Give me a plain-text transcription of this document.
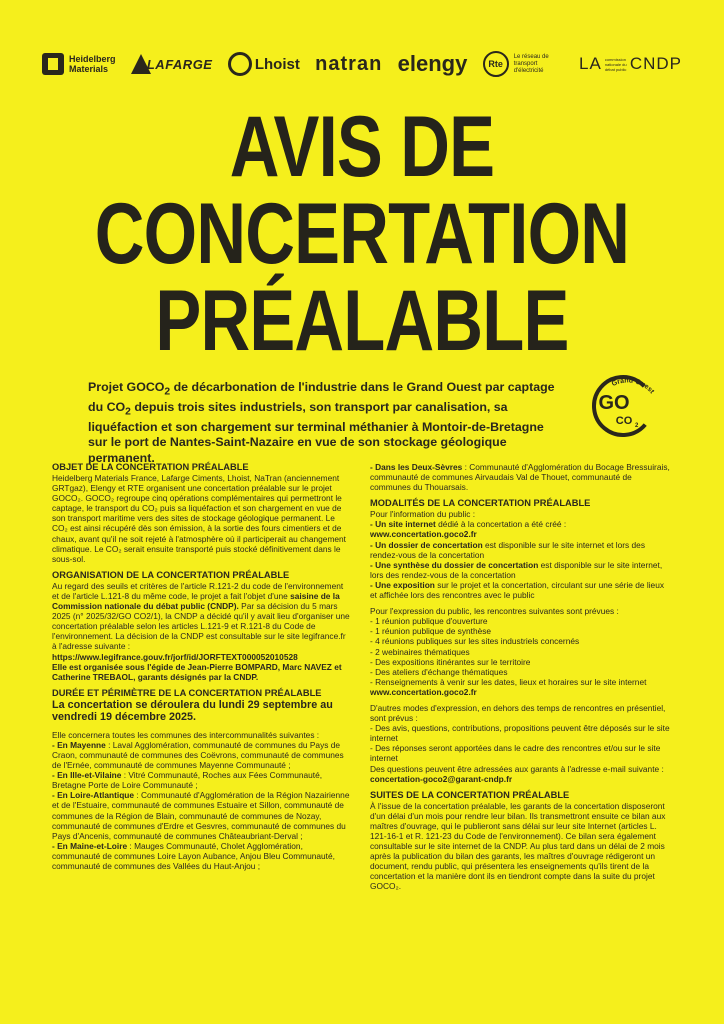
Heidelberg
Materials	LAFARGE	Lhoist natran elengy	Rte
Le réseau de transport d'électricité	LA commission nationale du débat public CNDP
AVIS DE
CONCERTATION
PRÉALABLE
Projet $GOCO_2$ de décarbonation de l'industrie dans le Grand Ouest par captage du $CO_2$ depuis trois sites industriels, son transport par canalisation, sa liquéfaction et son chargement sur terminal méthanier à Montoir-de-Bretagne sur le port de Nantes-Saint-Nazaire en vue de son stockage géologique permanent.
Grand Ouest
GO
CO 2
OBJET DE LA CONCERTATION PRÉALABLE

Heidelberg Materials France, Lafarge Ciments, Lhoist, NaTran (anciennement GRTgaz), Elengy et RTE organisent une concertation préalable sur le projet GOCO₂. GOCO₂ regroupe cinq opérations complémentaires qui permettront le captage, le transport du CO₂ puis sa liquéfaction et son chargement en vue de son transport maritime vers des sites de stockage géologique permanent. Le CO₂ est ainsi récupéré dès son émission, à la sortie des fours cimentiers et de chaux, avant qu'il ne soit rejeté à l'atmosphère où il participerait au changement climatique. Le CO₂ serait ensuite transporté puis stocké définitivement dans le sous-sol.

ORGANISATION DE LA CONCERTATION PRÉALABLE

Au regard des seuils et critères de l'article R.121-2 du code de l'environnement et de l'article L.121-8 du même code, le projet a fait l'objet d'une saisine de la Commission nationale du débat public (CNDP). Par sa décision du 5 mars 2025 (n° 2025/32/GO CO2/1), la CNDP a décidé qu'il y avait lieu d'organiser une concertation préalable selon les articles L.121-9 et R.121-8 du Code de l'environnement. La décision de la CNDP est consultable sur le site legifrance.fr à l'adresse suivante : https://www.legifrance.gouv.fr/jorf/id/JORFTEXT000052010528

Elle est organisée sous l'égide de Jean-Pierre BOMPARD, Marc NAVEZ et Catherine TREBAOL, garants désignés par la CNDP.

DURÉE ET PÉRIMÈTRE DE LA CONCERTATION PRÉALABLE

La concertation se déroulera du lundi 29 septembre au vendredi 19 décembre 2025.

Elle concernera toutes les communes des intercommunalités suivantes :

- En Mayenne : Laval Agglomération, communauté de communes du Pays de Craon, communauté de communes des Coëvrons, communauté de communes de l'Ernée, communauté de communes Mayenne Communauté ;

- En Ille-et-Vilaine : Vitré Communauté, Roches aux Fées Communauté, Bretagne Porte de Loire Communauté ;

- En Loire-Atlantique : Communauté d'Agglomération de la Région Nazairienne et de l'Estuaire, communauté de communes Estuaire et Sillon, communauté de communes de la Région de Blain, communauté de communes de Nozay, communauté de communes d'Erdre et Gesvres, communauté de communes du Pays d'Ancenis, communauté de communes Châteaubriant-Derval ;

- En Maine-et-Loire : Mauges Communauté, Cholet Agglomération, communauté de communes Loire Layon Aubance, Anjou Bleu Communauté, communauté de communes des Vallées du Haut-Anjou ;

- Dans les Deux-Sèvres : Communauté d'Agglomération du Bocage Bressuirais, communauté de communes Airvaudais Val de Thouet, communauté de communes du Thouarsais.

MODALITÉS DE LA CONCERTATION PRÉALABLE

Pour l'information du public :

- Un site internet dédié à la concertation a été créé :

www.concertation.goco2.fr

- Un dossier de concertation est disponible sur le site internet et lors des rendez-vous de la concertation

- Une synthèse du dossier de concertation est disponible sur le site internet, lors des rendez-vous de la concertation

- Une exposition sur le projet et la concertation, circulant sur une série de lieux et affichée lors des rencontres avec le public

Pour l'expression du public, les rencontres suivantes sont prévues :

- 1 réunion publique d'ouverture

- 1 réunion publique de synthèse

- 4 réunions publiques sur les sites industriels concernés

- 2 webinaires thématiques

- Des expositions itinérantes sur le territoire

- Des ateliers d'échange thématiques

- Renseignements à venir sur les dates, lieux et horaires sur le site internet

www.concertation.goco2.fr

D'autres modes d'expression, en dehors des temps de rencontres en présentiel, sont prévus :

- Des avis, questions, contributions, propositions peuvent être déposés sur le site internet

- Des réponses seront apportées dans le cadre des rencontres et/ou sur le site internet

Des questions peuvent être adressées aux garants à l'adresse e-mail suivante : concertation-goco2@garant-cndp.fr

SUITES DE LA CONCERTATION PRÉALABLE

À l'issue de la concertation préalable, les garants de la concertation disposeront d'un délai d'un mois pour rendre leur bilan. Ils transmettront ensuite ce bilan aux maîtres d'ouvrage, qui le publieront sans délai sur leur site Internet (articles L. 121-16-1 et R. 121-23 du Code de l'environnement). Ce bilan sera également consultable sur le site internet de la CNDP. Au plus tard dans un délai de 2 mois après la publication du bilan des garants, les maîtres d'ouvrage rédigeront un document, rendu public, qui présentera les enseignements qu'ils tirent de la concertation et la manière dont ils en tiendront compte dans la suite du projet GOCO₂.
